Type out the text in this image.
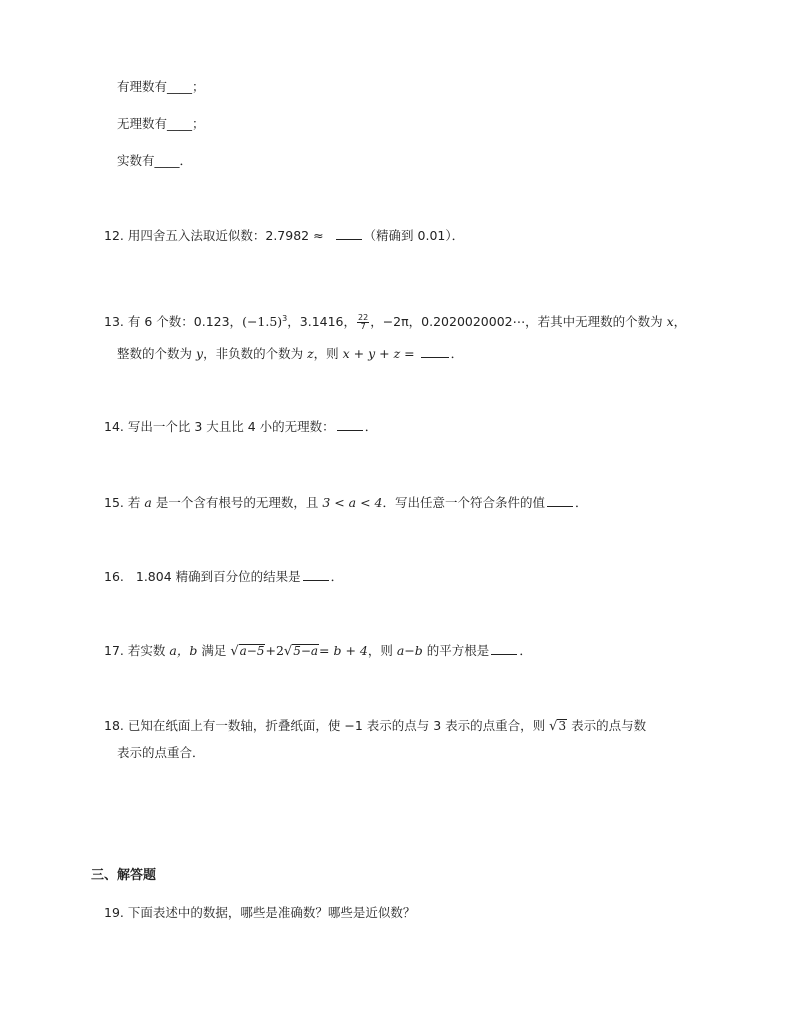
有理数有____；
无理数有____；
实数有____．
12. 用四舍五入法取近似数：2.7982 ≈	（精确到 0.01）．
13. 有 6 个数：0.123，$(-1.5)^3$，3.1416， $\frac{22}{7}$ ，−2π，0.2020020002⋯，若其中无理数的个数为 x，
整数的个数为 y，非负数的个数为 z，则 x + y + z =	．
14. 写出一个比 3 大且比 4 小的无理数： ．
15. 若 a 是一个含有根号的无理数，且 3 < a < 4．写出任意一个符合条件的值 ．
16. 1.804 精确到百分位的结果是 ．
17. 若实数 a，b 满足 √a−5+2√5−a= b + 4，则 a−b 的平方根是 ．
18. 已知在纸面上有一数轴，折叠纸面，使 −1 表示的点与 3 表示的点重合，则 √3 表示的点与数
表示的点重合．
三、解答题
19. 下面表述中的数据，哪些是准确数？哪些是近似数？
